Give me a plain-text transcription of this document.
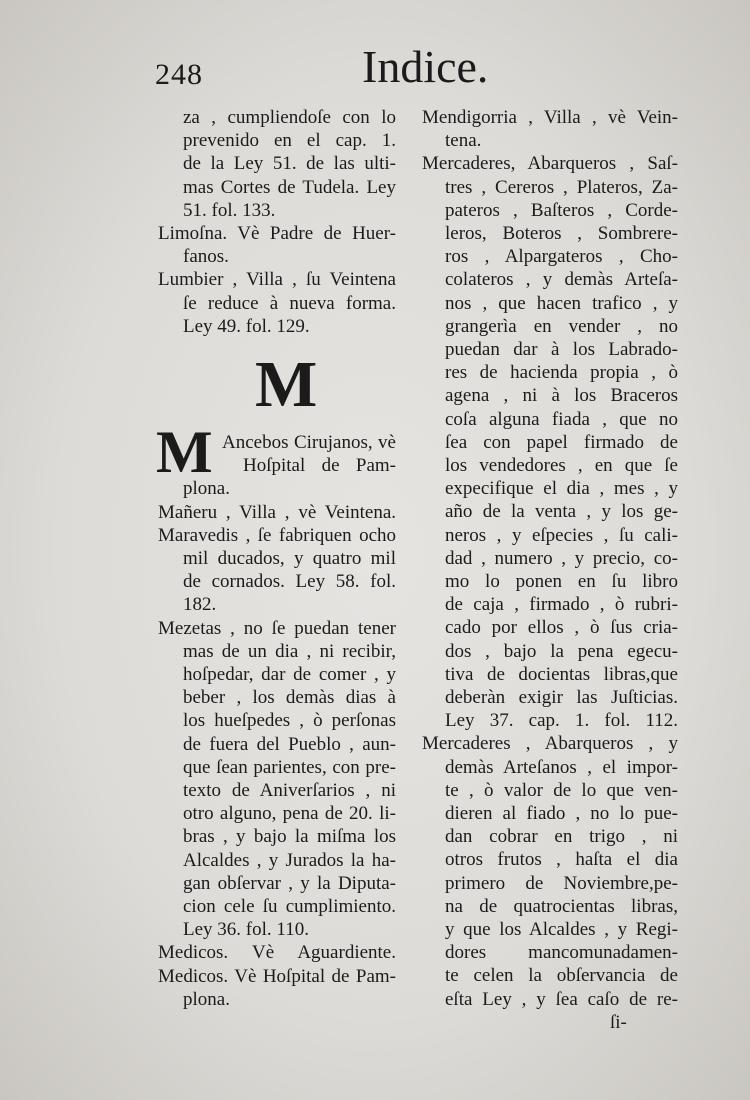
248	Indice.
M
M
za , cumpliendoſe con lo
prevenido en el cap. 1.
de la Ley 51. de las ulti-
mas Cortes de Tudela. Ley
51. fol. 133.
Limoſna. Vè Padre de Huer-
fanos.
Lumbier , Villa , ſu Veintena
ſe reduce à nueva forma.
Ley 49. fol. 129.
Ancebos Cirujanos, vè
Hoſpital de Pam-
plona.
Mañeru , Villa , vè Veintena.
Maravedis , ſe fabriquen ocho
mil ducados, y quatro mil
de cornados. Ley 58. fol.
182.
Mezetas , no ſe puedan tener
mas de un dia , ni recibir,
hoſpedar, dar de comer , y
beber , los demàs dias à
los hueſpedes , ò perſonas
de fuera del Pueblo , aun-
que ſean parientes, con pre-
texto de Aniverſarios , ni
otro alguno, pena de 20. li-
bras , y bajo la miſma los
Alcaldes , y Jurados la ha-
gan obſervar , y la Diputa-
cion cele ſu cumplimiento.
Ley 36. fol. 110.
Medicos. Vè Aguardiente.
Medicos. Vè Hoſpital de Pam-
plona.
Mendigorria , Villa , vè Vein-
tena.
Mercaderes, Abarqueros , Saſ-
tres , Cereros , Plateros, Za-
pateros , Baſteros , Corde-
leros, Boteros , Sombrere-
ros , Alpargateros , Cho-
colateros , y demàs Arteſa-
nos , que hacen trafico , y
grangerìa en vender , no
puedan dar à los Labrado-
res de hacienda propia , ò
agena , ni à los Braceros
coſa alguna fiada , que no
ſea con papel firmado de
los vendedores , en que ſe
expecifique el dia , mes , y
año de la venta , y los ge-
neros , y eſpecies , ſu cali-
dad , numero , y precio, co-
mo lo ponen en ſu libro
de caja , firmado , ò rubri-
cado por ellos , ò ſus cria-
dos , bajo la pena egecu-
tiva de docientas libras,que
deberàn exigir las Juſticias.
Ley 37. cap. 1. fol. 112.
Mercaderes , Abarqueros , y
demàs Arteſanos , el impor-
te , ò valor de lo que ven-
dieren al fiado , no lo pue-
dan cobrar en trigo , ni
otros frutos , haſta el dia
primero de Noviembre,pe-
na de quatrocientas libras,
y que los Alcaldes , y Regi-
dores mancomunadamen-
te celen la obſervancia de
eſta Ley , y ſea caſo de re-
ſi-
